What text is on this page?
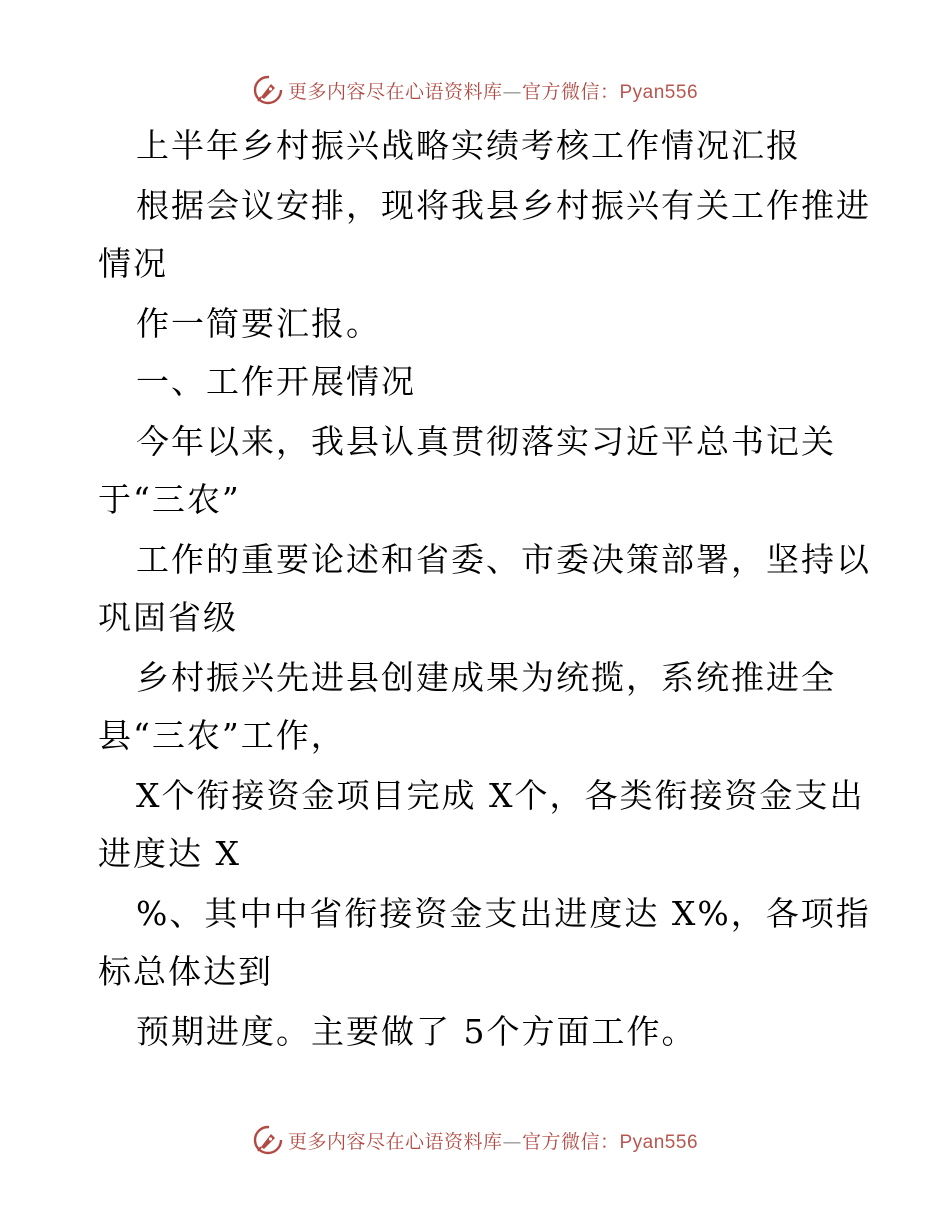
更多内容尽在心语资料库—官方微信：Pyan556
上半年乡村振兴战略实绩考核工作情况汇报
根据会议安排，现将我县乡村振兴有关工作推进
情况
作一简要汇报。
一、工作开展情况
今年以来，我县认真贯彻落实习近平总书记关
于“三农”
工作的重要论述和省委、市委决策部署，坚持以
巩固省级
乡村振兴先进县创建成果为统揽，系统推进全
县“三农”工作，
X个衔接资金项目完成 X个，各类衔接资金支出
进度达 X
%、其中中省衔接资金支出进度达 X%，各项指
标总体达到
预期进度。主要做了 5个方面工作。
更多内容尽在心语资料库—官方微信：Pyan556
